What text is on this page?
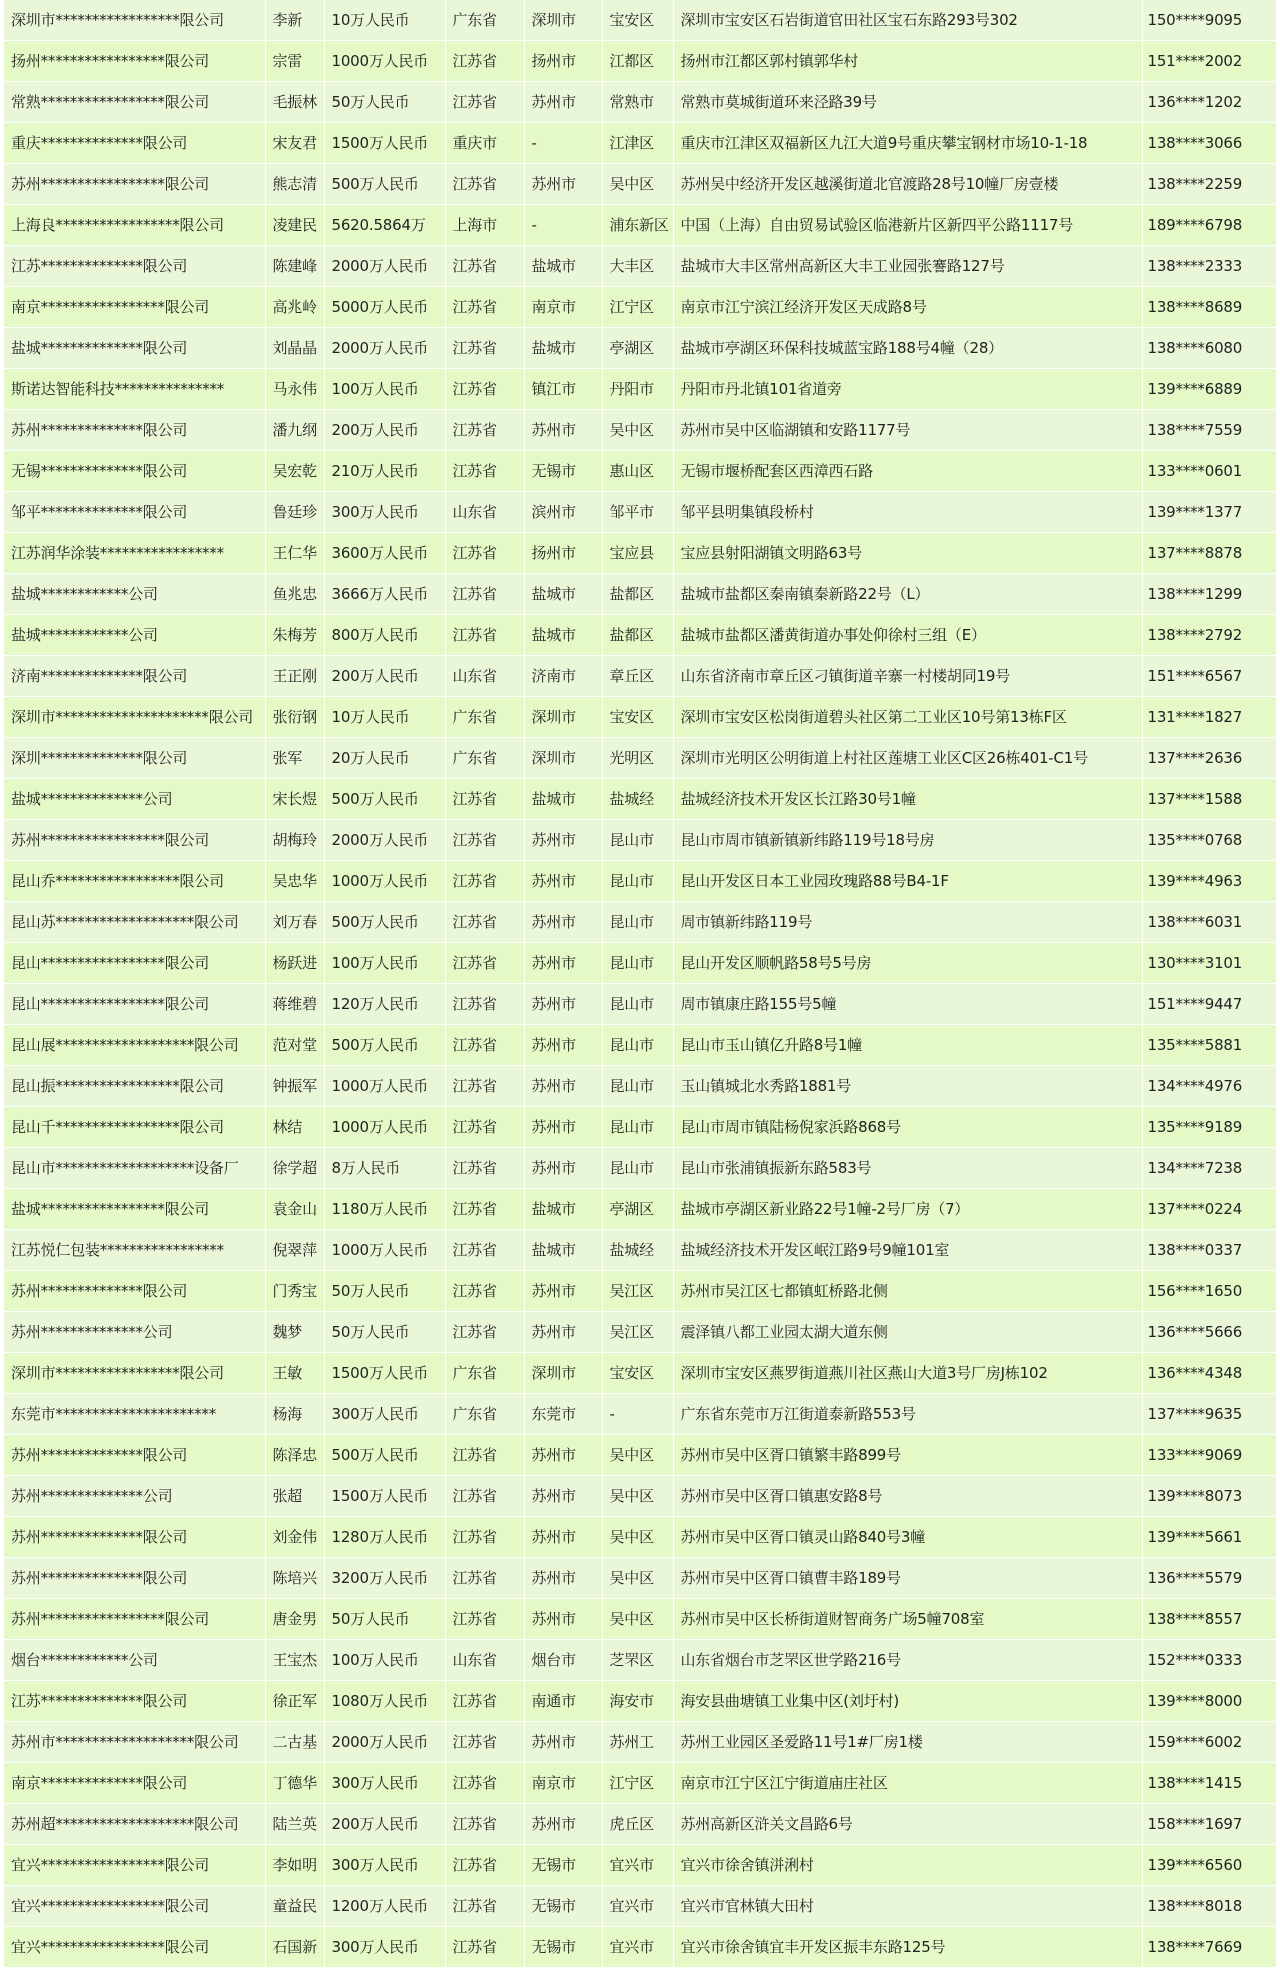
深圳市*****************限公司	李新	10万人民币	广东省	深圳市	宝安区	深圳市宝安区石岩街道官田社区宝石东路293号302	150****9095
扬州*****************限公司	宗雷	1000万人民币	江苏省	扬州市	江都区	扬州市江都区郭村镇郭华村	151****2002
常熟*****************限公司	毛振林	50万人民币	江苏省	苏州市	常熟市	常熟市莫城街道环来泾路39号	136****1202
重庆**************限公司	宋友君	1500万人民币	重庆市	-	江津区	重庆市江津区双福新区九江大道9号重庆攀宝钢材市场10-1-18	138****3066
苏州*****************限公司	熊志清	500万人民币	江苏省	苏州市	吴中区	苏州吴中经济开发区越溪街道北官渡路28号10幢厂房壹楼	138****2259
上海良*****************限公司	凌建民	5620.5864万	上海市	-	浦东新区	中国（上海）自由贸易试验区临港新片区新四平公路1117号	189****6798
江苏**************限公司	陈建峰	2000万人民币	江苏省	盐城市	大丰区	盐城市大丰区常州高新区大丰工业园张謇路127号	138****2333
南京*****************限公司	高兆岭	5000万人民币	江苏省	南京市	江宁区	南京市江宁滨江经济开发区天成路8号	138****8689
盐城**************限公司	刘晶晶	2000万人民币	江苏省	盐城市	亭湖区	盐城市亭湖区环保科技城蓝宝路188号4幢（28）	138****6080
斯诺达智能科技***************	马永伟	100万人民币	江苏省	镇江市	丹阳市	丹阳市丹北镇101省道旁	139****6889
苏州**************限公司	潘九纲	200万人民币	江苏省	苏州市	吴中区	苏州市吴中区临湖镇和安路1177号	138****7559
无锡**************限公司	吴宏乾	210万人民币	江苏省	无锡市	惠山区	无锡市堰桥配套区西漳西石路	133****0601
邹平**************限公司	鲁廷珍	300万人民币	山东省	滨州市	邹平市	邹平县明集镇段桥村	139****1377
江苏润华涂装*****************	王仁华	3600万人民币	江苏省	扬州市	宝应县	宝应县射阳湖镇文明路63号	137****8878
盐城************公司	鱼兆忠	3666万人民币	江苏省	盐城市	盐都区	盐城市盐都区秦南镇秦新路22号（L）	138****1299
盐城************公司	朱梅芳	800万人民币	江苏省	盐城市	盐都区	盐城市盐都区潘黄街道办事处仰徐村三组（E）	138****2792
济南**************限公司	王正刚	200万人民币	山东省	济南市	章丘区	山东省济南市章丘区刁镇街道辛寨一村楼胡同19号	151****6567
深圳市*********************限公司	张衍钢	10万人民币	广东省	深圳市	宝安区	深圳市宝安区松岗街道碧头社区第二工业区10号第13栋F区	131****1827
深圳**************限公司	张军	20万人民币	广东省	深圳市	光明区	深圳市光明区公明街道上村社区莲塘工业区C区26栋401-C1号	137****2636
盐城**************公司	宋长煜	500万人民币	江苏省	盐城市	盐城经	盐城经济技术开发区长江路30号1幢	137****1588
苏州*****************限公司	胡梅玲	2000万人民币	江苏省	苏州市	昆山市	昆山市周市镇新镇新纬路119号18号房	135****0768
昆山乔*****************限公司	吴忠华	1000万人民币	江苏省	苏州市	昆山市	昆山开发区日本工业园玫瑰路88号B4-1F	139****4963
昆山苏*******************限公司	刘万春	500万人民币	江苏省	苏州市	昆山市	周市镇新纬路119号	138****6031
昆山*****************限公司	杨跃进	100万人民币	江苏省	苏州市	昆山市	昆山开发区顺帆路58号5号房	130****3101
昆山*****************限公司	蒋维碧	120万人民币	江苏省	苏州市	昆山市	周市镇康庄路155号5幢	151****9447
昆山展*******************限公司	范对堂	500万人民币	江苏省	苏州市	昆山市	昆山市玉山镇亿升路8号1幢	135****5881
昆山振*****************限公司	钟振军	1000万人民币	江苏省	苏州市	昆山市	玉山镇城北水秀路1881号	134****4976
昆山千*****************限公司	林结	1000万人民币	江苏省	苏州市	昆山市	昆山市周市镇陆杨倪家浜路868号	135****9189
昆山市*******************设备厂	徐学超	8万人民币	江苏省	苏州市	昆山市	昆山市张浦镇振新东路583号	134****7238
盐城*****************限公司	袁金山	1180万人民币	江苏省	盐城市	亭湖区	盐城市亭湖区新业路22号1幢-2号厂房（7）	137****0224
江苏悦仁包装*****************	倪翠萍	1000万人民币	江苏省	盐城市	盐城经	盐城经济技术开发区岷江路9号9幢101室	138****0337
苏州**************限公司	门秀宝	50万人民币	江苏省	苏州市	吴江区	苏州市吴江区七都镇虹桥路北侧	156****1650
苏州**************公司	魏梦	50万人民币	江苏省	苏州市	吴江区	震泽镇八都工业园太湖大道东侧	136****5666
深圳市*****************限公司	王敏	1500万人民币	广东省	深圳市	宝安区	深圳市宝安区燕罗街道燕川社区燕山大道3号厂房J栋102	136****4348
东莞市**********************	杨海	300万人民币	广东省	东莞市	-	广东省东莞市万江街道泰新路553号	137****9635
苏州**************限公司	陈泽忠	500万人民币	江苏省	苏州市	吴中区	苏州市吴中区胥口镇繁丰路899号	133****9069
苏州**************公司	张超	1500万人民币	江苏省	苏州市	吴中区	苏州市吴中区胥口镇惠安路8号	139****8073
苏州**************限公司	刘金伟	1280万人民币	江苏省	苏州市	吴中区	苏州市吴中区胥口镇灵山路840号3幢	139****5661
苏州**************限公司	陈培兴	3200万人民币	江苏省	苏州市	吴中区	苏州市吴中区胥口镇曹丰路189号	136****5579
苏州*****************限公司	唐金男	50万人民币	江苏省	苏州市	吴中区	苏州市吴中区长桥街道财智商务广场5幢708室	138****8557
烟台************公司	王宝杰	100万人民币	山东省	烟台市	芝罘区	山东省烟台市芝罘区世学路216号	152****0333
江苏**************限公司	徐正军	1080万人民币	江苏省	南通市	海安市	海安县曲塘镇工业集中区(刘圩村)	139****8000
苏州市*******************限公司	二古基	2000万人民币	江苏省	苏州市	苏州工	苏州工业园区圣爱路11号1#厂房1楼	159****6002
南京**************限公司	丁德华	300万人民币	江苏省	南京市	江宁区	南京市江宁区江宁街道庙庄社区	138****1415
苏州超*******************限公司	陆兰英	200万人民币	江苏省	苏州市	虎丘区	苏州高新区浒关文昌路6号	158****1697
宜兴*****************限公司	李如明	300万人民币	江苏省	无锡市	宜兴市	宜兴市徐舍镇洴浰村	139****6560
宜兴*****************限公司	童益民	1200万人民币	江苏省	无锡市	宜兴市	宜兴市官林镇大田村	138****8018
宜兴*****************限公司	石国新	300万人民币	江苏省	无锡市	宜兴市	宜兴市徐舍镇宜丰开发区振丰东路125号	138****7669
